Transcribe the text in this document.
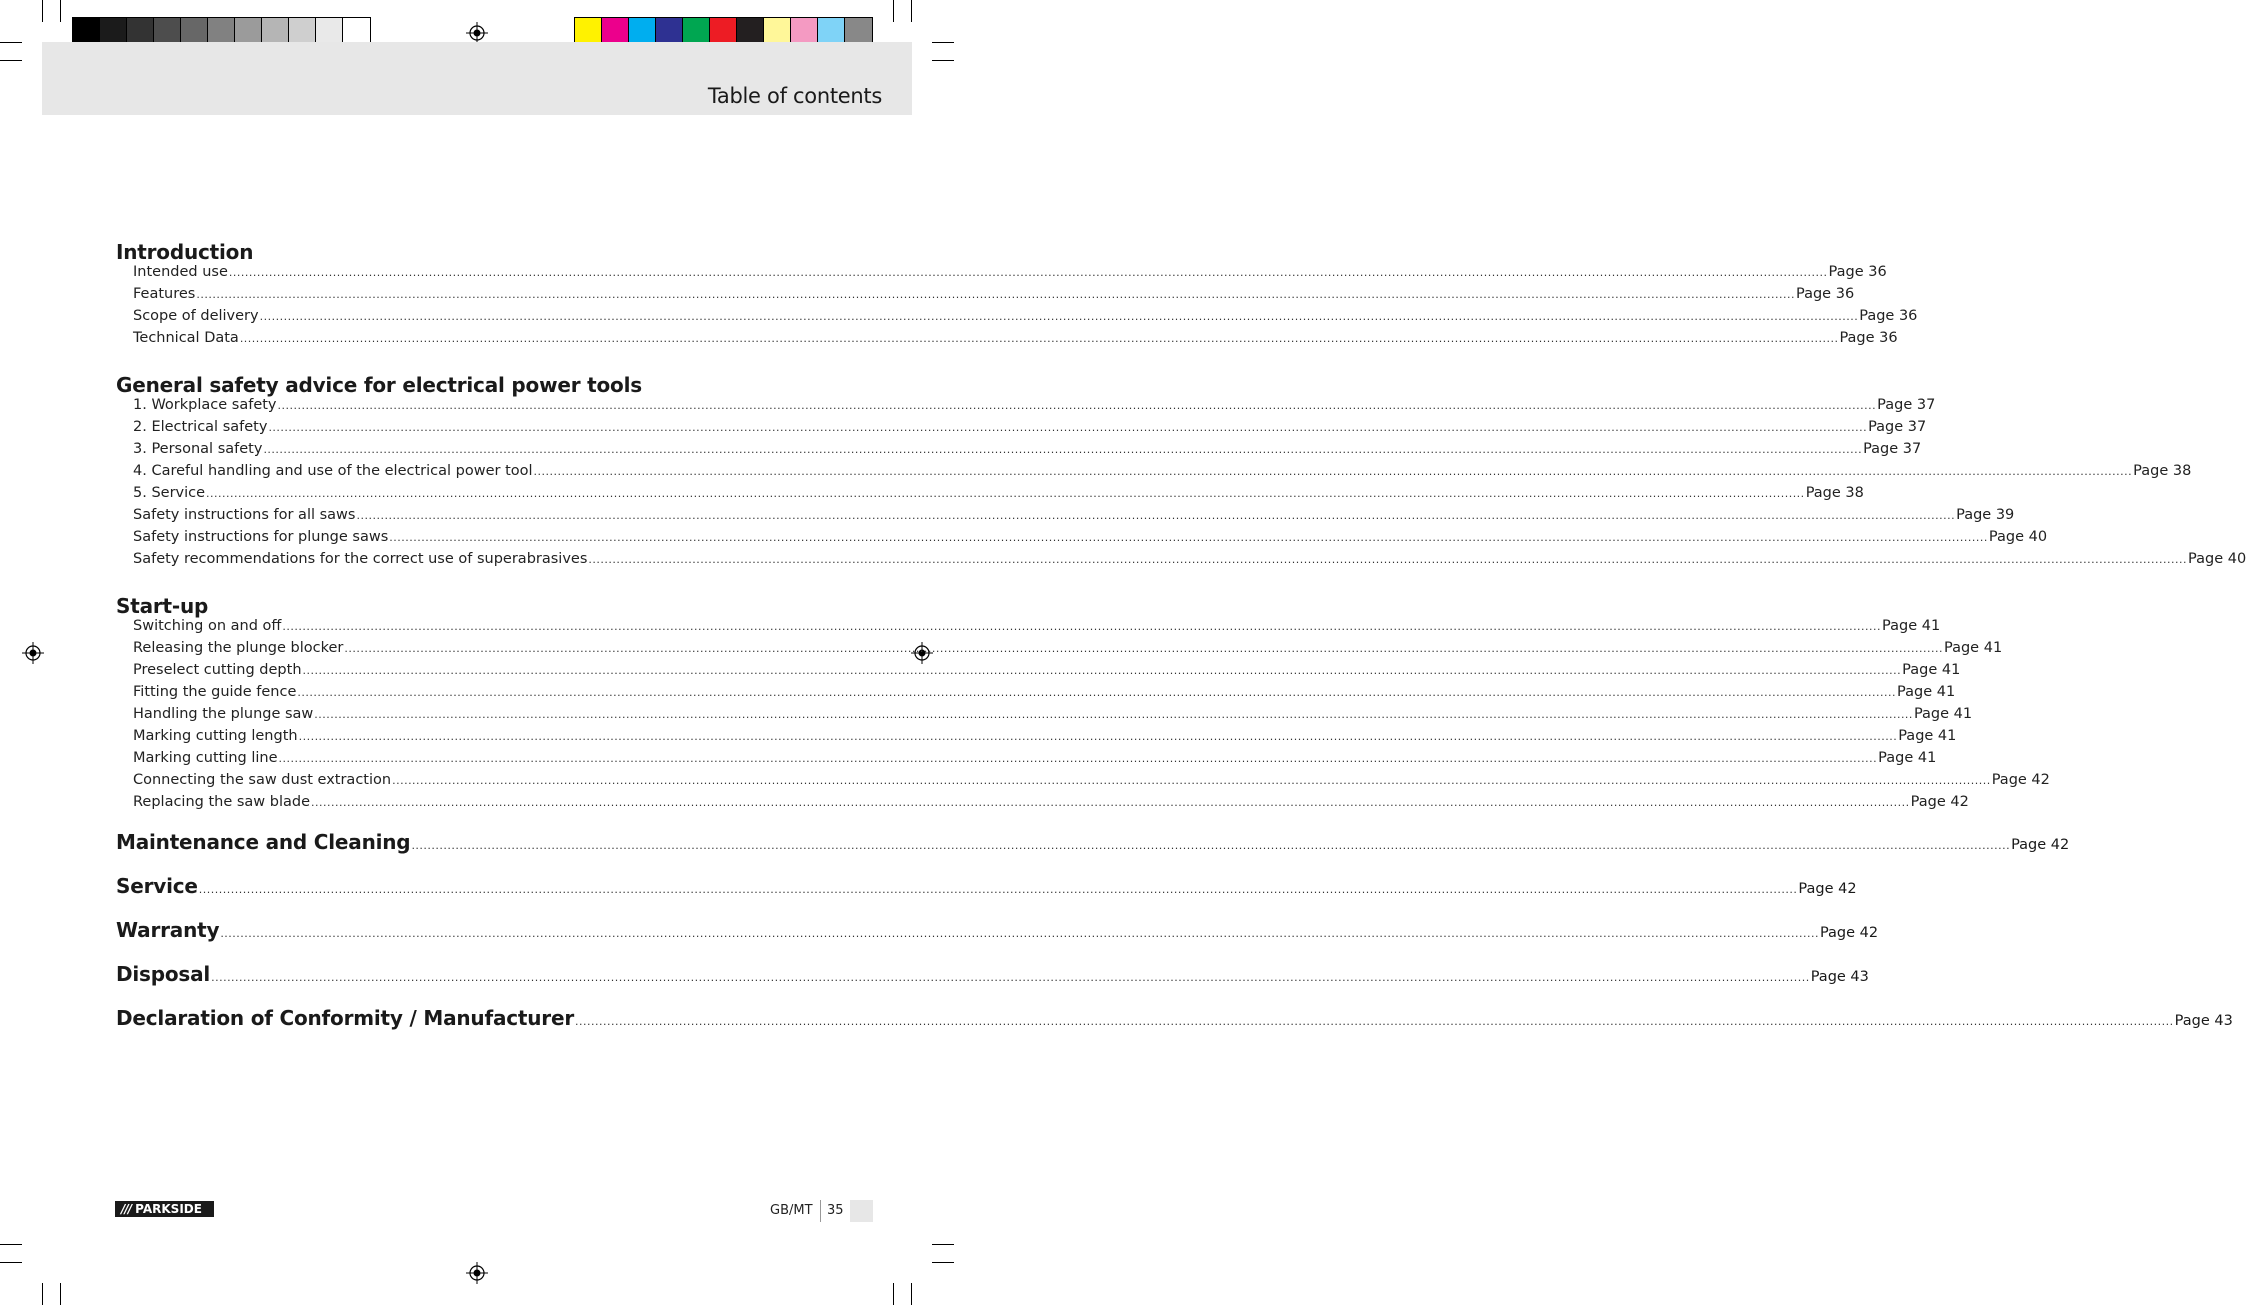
Table of contents
Introduction
Intended use ................................................................................................................................................................................................................................................................................................................................................................................................................ Page 36
Features ................................................................................................................................................................................................................................................................................................................................................................................................................ Page 36
Scope of delivery ................................................................................................................................................................................................................................................................................................................................................................................................................ Page 36
Technical Data ................................................................................................................................................................................................................................................................................................................................................................................................................ Page 36
General safety advice for electrical power tools
1. Workplace safety ................................................................................................................................................................................................................................................................................................................................................................................................................ Page 37
2. Electrical safety ................................................................................................................................................................................................................................................................................................................................................................................................................ Page 37
3. Personal safety ................................................................................................................................................................................................................................................................................................................................................................................................................ Page 37
4. Careful handling and use of the electrical power tool ................................................................................................................................................................................................................................................................................................................................................................................................................ Page 38
5. Service ................................................................................................................................................................................................................................................................................................................................................................................................................ Page 38
Safety instructions for all saws ................................................................................................................................................................................................................................................................................................................................................................................................................ Page 39
Safety instructions for plunge saws ................................................................................................................................................................................................................................................................................................................................................................................................................ Page 40
Safety recommendations for the correct use of superabrasives ................................................................................................................................................................................................................................................................................................................................................................................................................ Page 40
Start-up
Switching on and off ................................................................................................................................................................................................................................................................................................................................................................................................................ Page 41
Releasing the plunge blocker ................................................................................................................................................................................................................................................................................................................................................................................................................ Page 41
Preselect cutting depth ................................................................................................................................................................................................................................................................................................................................................................................................................ Page 41
Fitting the guide fence ................................................................................................................................................................................................................................................................................................................................................................................................................ Page 41
Handling the plunge saw ................................................................................................................................................................................................................................................................................................................................................................................................................ Page 41
Marking cutting length ................................................................................................................................................................................................................................................................................................................................................................................................................ Page 41
Marking cutting line ................................................................................................................................................................................................................................................................................................................................................................................................................ Page 41
Connecting the saw dust extraction ................................................................................................................................................................................................................................................................................................................................................................................................................ Page 42
Replacing the saw blade ................................................................................................................................................................................................................................................................................................................................................................................................................ Page 42
Maintenance and Cleaning ................................................................................................................................................................................................................................................................................................................................................................................................................ Page 42
Service ................................................................................................................................................................................................................................................................................................................................................................................................................ Page 42
Warranty ................................................................................................................................................................................................................................................................................................................................................................................................................ Page 42
Disposal ................................................................................................................................................................................................................................................................................................................................................................................................................ Page 43
Declaration of Conformity / Manufacturer ................................................................................................................................................................................................................................................................................................................................................................................................................ Page 43
/// PARKSIDE	GB/MT 35
